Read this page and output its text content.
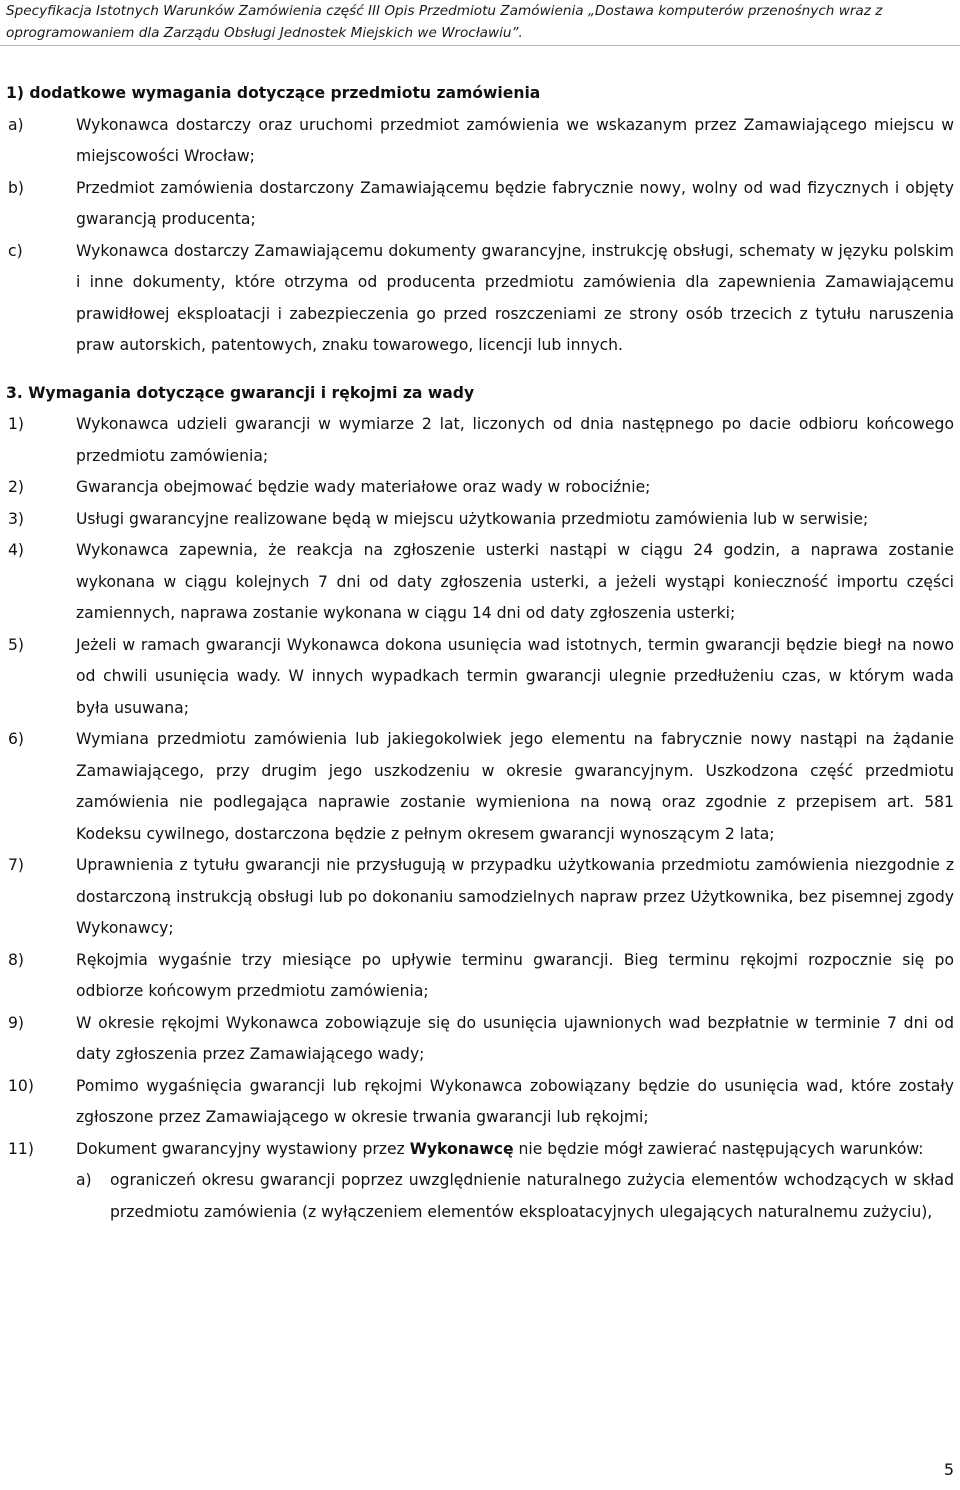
Specyfikacja Istotnych Warunków Zamówienia część III Opis Przedmiotu Zamówienia „Dostawa komputerów przenośnych wraz z
oprogramowaniem dla Zarządu Obsługi Jednostek Miejskich we Wrocławiu”.
1) dodatkowe wymagania dotyczące przedmiotu zamówienia
a)	Wykonawca dostarczy oraz uruchomi przedmiot zamówienia we wskazanym przez Zamawiającego miejscu w miejscowości Wrocław;
b)	Przedmiot zamówienia dostarczony Zamawiającemu będzie fabrycznie nowy, wolny od wad fizycznych i objęty gwarancją producenta;
c)	Wykonawca dostarczy Zamawiającemu dokumenty gwarancyjne, instrukcję obsługi, schematy w języku polskim i inne dokumenty, które otrzyma od producenta przedmiotu zamówienia dla zapewnienia Zamawiającemu prawidłowej eksploatacji i zabezpieczenia go przed roszczeniami ze strony osób trzecich z tytułu naruszenia praw autorskich, patentowych, znaku towarowego, licencji lub innych.
3. Wymagania dotyczące gwarancji i rękojmi za wady
1)	Wykonawca udzieli gwarancji w wymiarze 2 lat, liczonych od dnia następnego po dacie odbioru końcowego przedmiotu zamówienia;
2)	Gwarancja obejmować będzie wady materiałowe oraz wady w robociźnie;
3)	Usługi gwarancyjne realizowane będą w miejscu użytkowania przedmiotu zamówienia lub w serwisie;
4)	Wykonawca zapewnia, że reakcja na zgłoszenie usterki nastąpi w ciągu 24 godzin, a naprawa zostanie wykonana w ciągu kolejnych 7 dni od daty zgłoszenia usterki, a jeżeli wystąpi konieczność importu części zamiennych, naprawa zostanie wykonana w ciągu 14 dni od daty zgłoszenia usterki;
5)	Jeżeli w ramach gwarancji Wykonawca dokona usunięcia wad istotnych, termin gwarancji będzie biegł na nowo od chwili usunięcia wady. W innych wypadkach termin gwarancji ulegnie przedłużeniu czas, w którym wada była usuwana;
6)	Wymiana przedmiotu zamówienia lub jakiegokolwiek jego elementu na fabrycznie nowy nastąpi na żądanie Zamawiającego, przy drugim jego uszkodzeniu w okresie gwarancyjnym. Uszkodzona część przedmiotu zamówienia nie podlegająca naprawie zostanie wymieniona na nową oraz zgodnie z przepisem art. 581 Kodeksu cywilnego, dostarczona będzie z pełnym okresem gwarancji wynoszącym 2 lata;
7)	Uprawnienia z tytułu gwarancji nie przysługują w przypadku użytkowania przedmiotu zamówienia niezgodnie z dostarczoną instrukcją obsługi lub po dokonaniu samodzielnych napraw przez Użytkownika, bez pisemnej zgody Wykonawcy;
8)	Rękojmia wygaśnie trzy miesiące po upływie terminu gwarancji. Bieg terminu rękojmi rozpocznie się po odbiorze końcowym przedmiotu zamówienia;
9)	W okresie rękojmi Wykonawca zobowiązuje się do usunięcia ujawnionych wad bezpłatnie w terminie 7 dni od daty zgłoszenia przez Zamawiającego wady;
10)	Pomimo wygaśnięcia gwarancji lub rękojmi Wykonawca zobowiązany będzie do usunięcia wad, które zostały zgłoszone przez Zamawiającego w okresie trwania gwarancji lub rękojmi;
11)	Dokument gwarancyjny wystawiony przez Wykonawcę nie będzie mógł zawierać następujących warunków:
a) ograniczeń okresu gwarancji poprzez uwzględnienie naturalnego zużycia elementów wchodzących w skład przedmiotu zamówienia (z wyłączeniem elementów eksploatacyjnych ulegających naturalnemu zużyciu),
5
